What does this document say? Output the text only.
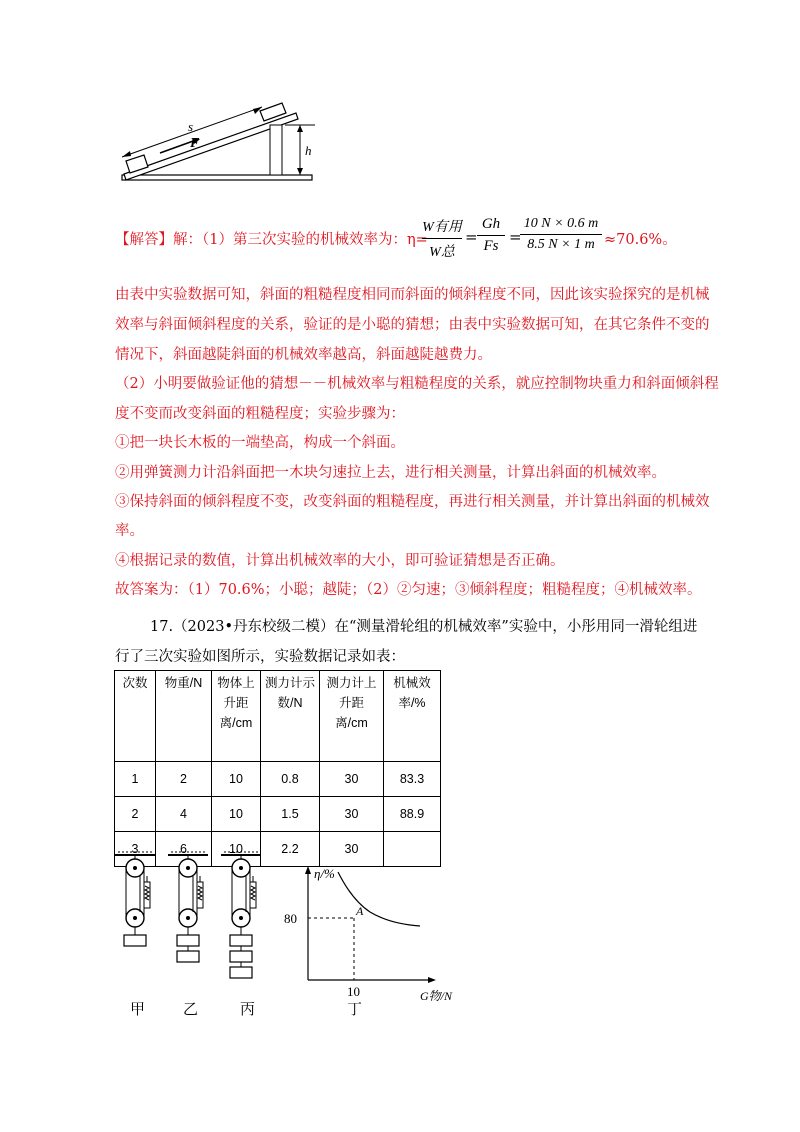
s
F	h
【解答】解：（1）第三次实验的机械效率为：η=
W有用
W总
=
Gh
Fs =
10 N × 0.6 m
8.5 N × 1 m ≈70.6%。
由表中实验数据可知，斜面的粗糙程度相同而斜面的倾斜程度不同，因此该实验探究的是机械
效率与斜面倾斜程度的关系，验证的是小聪的猜想；由表中实验数据可知，在其它条件不变的
情况下，斜面越陡斜面的机械效率越高，斜面越陡越费力。
（2）小明要做验证他的猜想－－机械效率与粗糙程度的关系，就应控制物块重力和斜面倾斜程
度不变而改变斜面的粗糙程度；实验步骤为：
①把一块长木板的一端垫高，构成一个斜面。
②用弹簧测力计沿斜面把一木块匀速拉上去，进行相关测量，计算出斜面的机械效率。
③保持斜面的倾斜程度不变，改变斜面的粗糙程度，再进行相关测量，并计算出斜面的机械效
率。
④根据记录的数值，计算出机械效率的大小，即可验证猜想是否正确。
故答案为：（1）70.6%；小聪；越陡；（2）②匀速；③倾斜程度；粗糙程度；④机械效率。
17.（2023•丹东校级二模）在“测量滑轮组的机械效率”实验中，小彤用同一滑轮组进
行了三次实验如图所示，实验数据记录如表：
次数	物重/N	物体上升距离/cm	测力计示数/N	测力计上升距离/cm	机械效率/%
1	2	10	0.8	30	83.3
2	4	10	1.5	30	88.9
3	6	10	2.2	30	
η/%
80	A
10	G物/N
甲	乙	丙	丁
